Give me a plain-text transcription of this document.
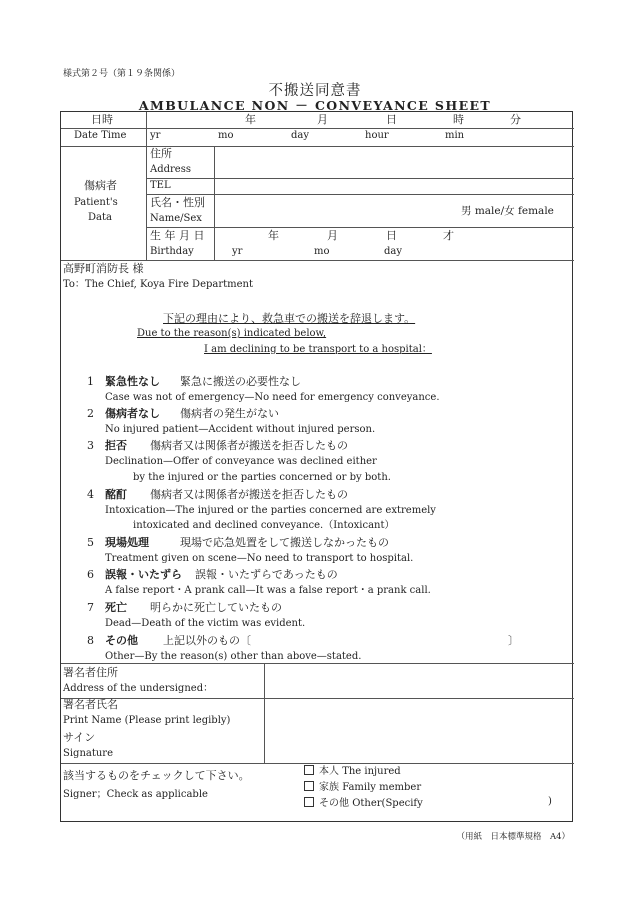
様式第２号（第１９条関係）
不搬送同意書
AMBULANCE NON － CONVEYANCE SHEET
日時
Date Time
年	月	日	時	分
yr	mo	day	hour	min
傷病者
Patient's
Data
住所
Address
TEL
氏名・性別
Name/Sex
男 male/女 female
生 年 月 日
Birthday
年	月	日	才
yr	mo	day
高野町消防長 様
To：The Chief, Koya Fire Department
下記の理由により、救急車での搬送を辞退します。
Due to the reason(s) indicated below,
I am declining to be transport to a hospital：
1 緊急性なし 緊急に搬送の必要性なし
Case was not of emergency—No need for emergency conveyance.
2 傷病者なし 傷病者の発生がない
No injured patient—Accident without injured person.
3 拒否 傷病者又は関係者が搬送を拒否したもの
Declination—Offer of conveyance was declined either
by the injured or the parties concerned or by both.
4 酩酊 傷病者又は関係者が搬送を拒否したもの
Intoxication—The injured or the parties concerned are extremely
intoxicated and declined conveyance.（Intoxicant）
5 現場処理	現場で応急処置をして搬送しなかったもの
Treatment given on scene—No need to transport to hospital.
6 誤報・いたずら 誤報・いたずらであったもの
A false report・A prank call—It was a false report・a prank call.
7 死亡 明らかに死亡していたもの
Dead—Death of the victim was evident.
8 その他 上記以外のもの〔	〕
Other—By the reason(s) other than above—stated.
署名者住所
Address of the undersigned：
署名者氏名
Print Name (Please print legibly)
サイン
Signature
該当するものをチェックして下さい。
Signer；Check as applicable
本人 The injured
家族 Family member
その他 Other(Specify	)
（用紙　日本標準規格　A4）
